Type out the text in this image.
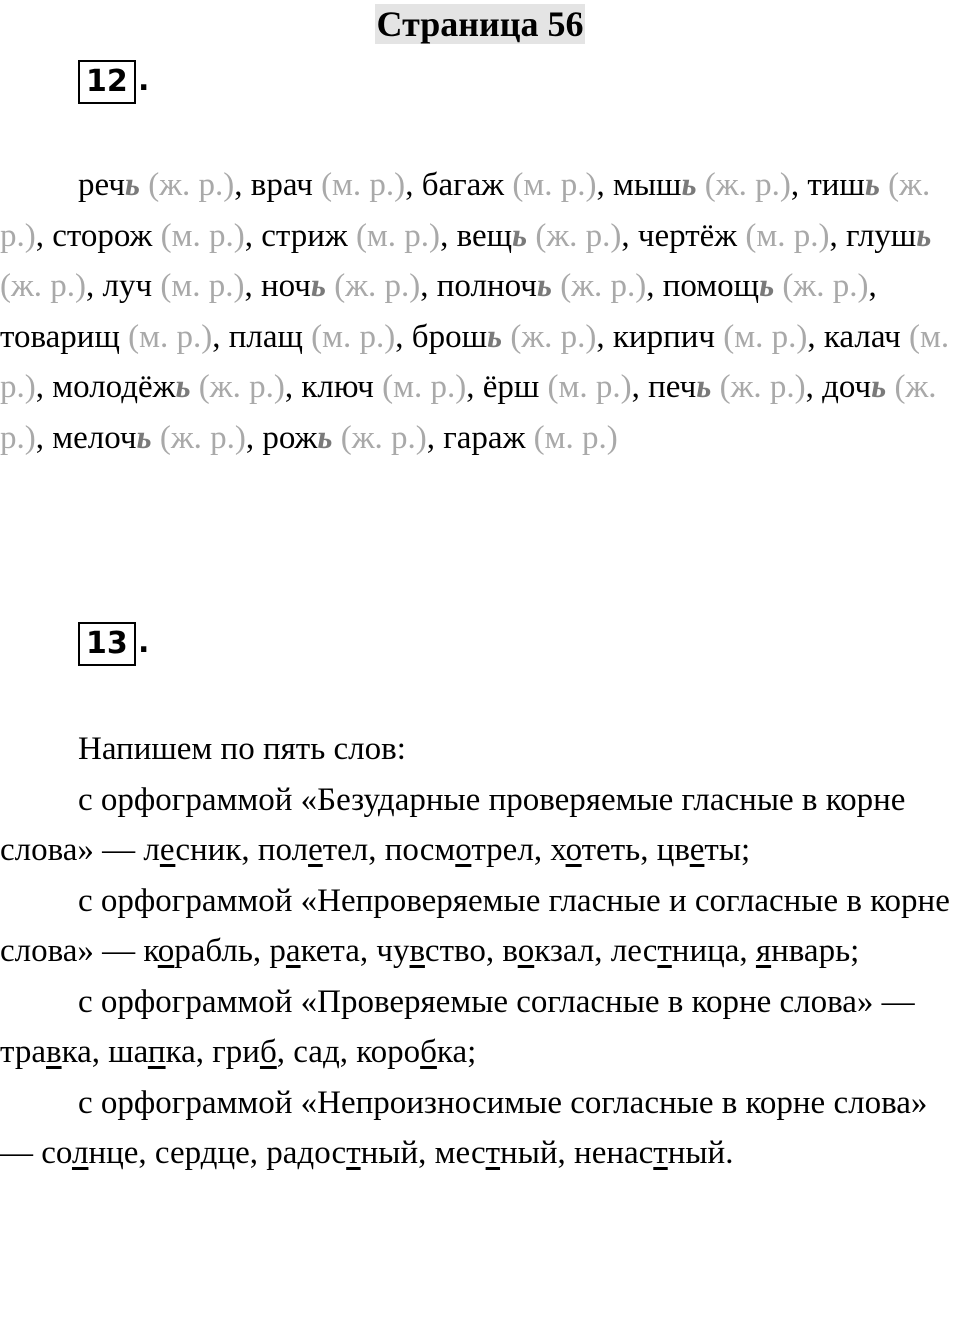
Страница 56
12 .

речь (ж. р.), врач (м. р.), багаж (м. р.), мышь (ж. р.), тишь (ж. р.), сторож (м. р.), стриж (м. р.), вещь (ж. р.), чертёж (м. р.), глушь (ж. р.), луч (м. р.), ночь (ж. р.), полночь (ж. р.), помощь (ж. р.), товарищ (м. р.), плащ (м. р.), брошь (ж. р.), кирпич (м. р.), калач (м. р.), молодёжь (ж. р.), ключ (м. р.), ёрш (м. р.), печь (ж. р.), дочь (ж. р.), мелочь (ж. р.), рожь (ж. р.), гараж (м. р.)

13 .

Напишем по пять слов:

с орфограммой «Безударные проверяемые гласные в корне слова» — лесник, полетел, посмотрел, хотеть, цветы;

с орфограммой «Непроверяемые гласные и согласные в корне слова» — корабль, ракета, чувство, вокзал, лестница, январь;

с орфограммой «Проверяемые согласные в корне слова» — травка, шапка, гриб, сад, коробка;

с орфограммой «Непроизносимые согласные в корне слова» — солнце, сердце, радостный, местный, ненастный.
